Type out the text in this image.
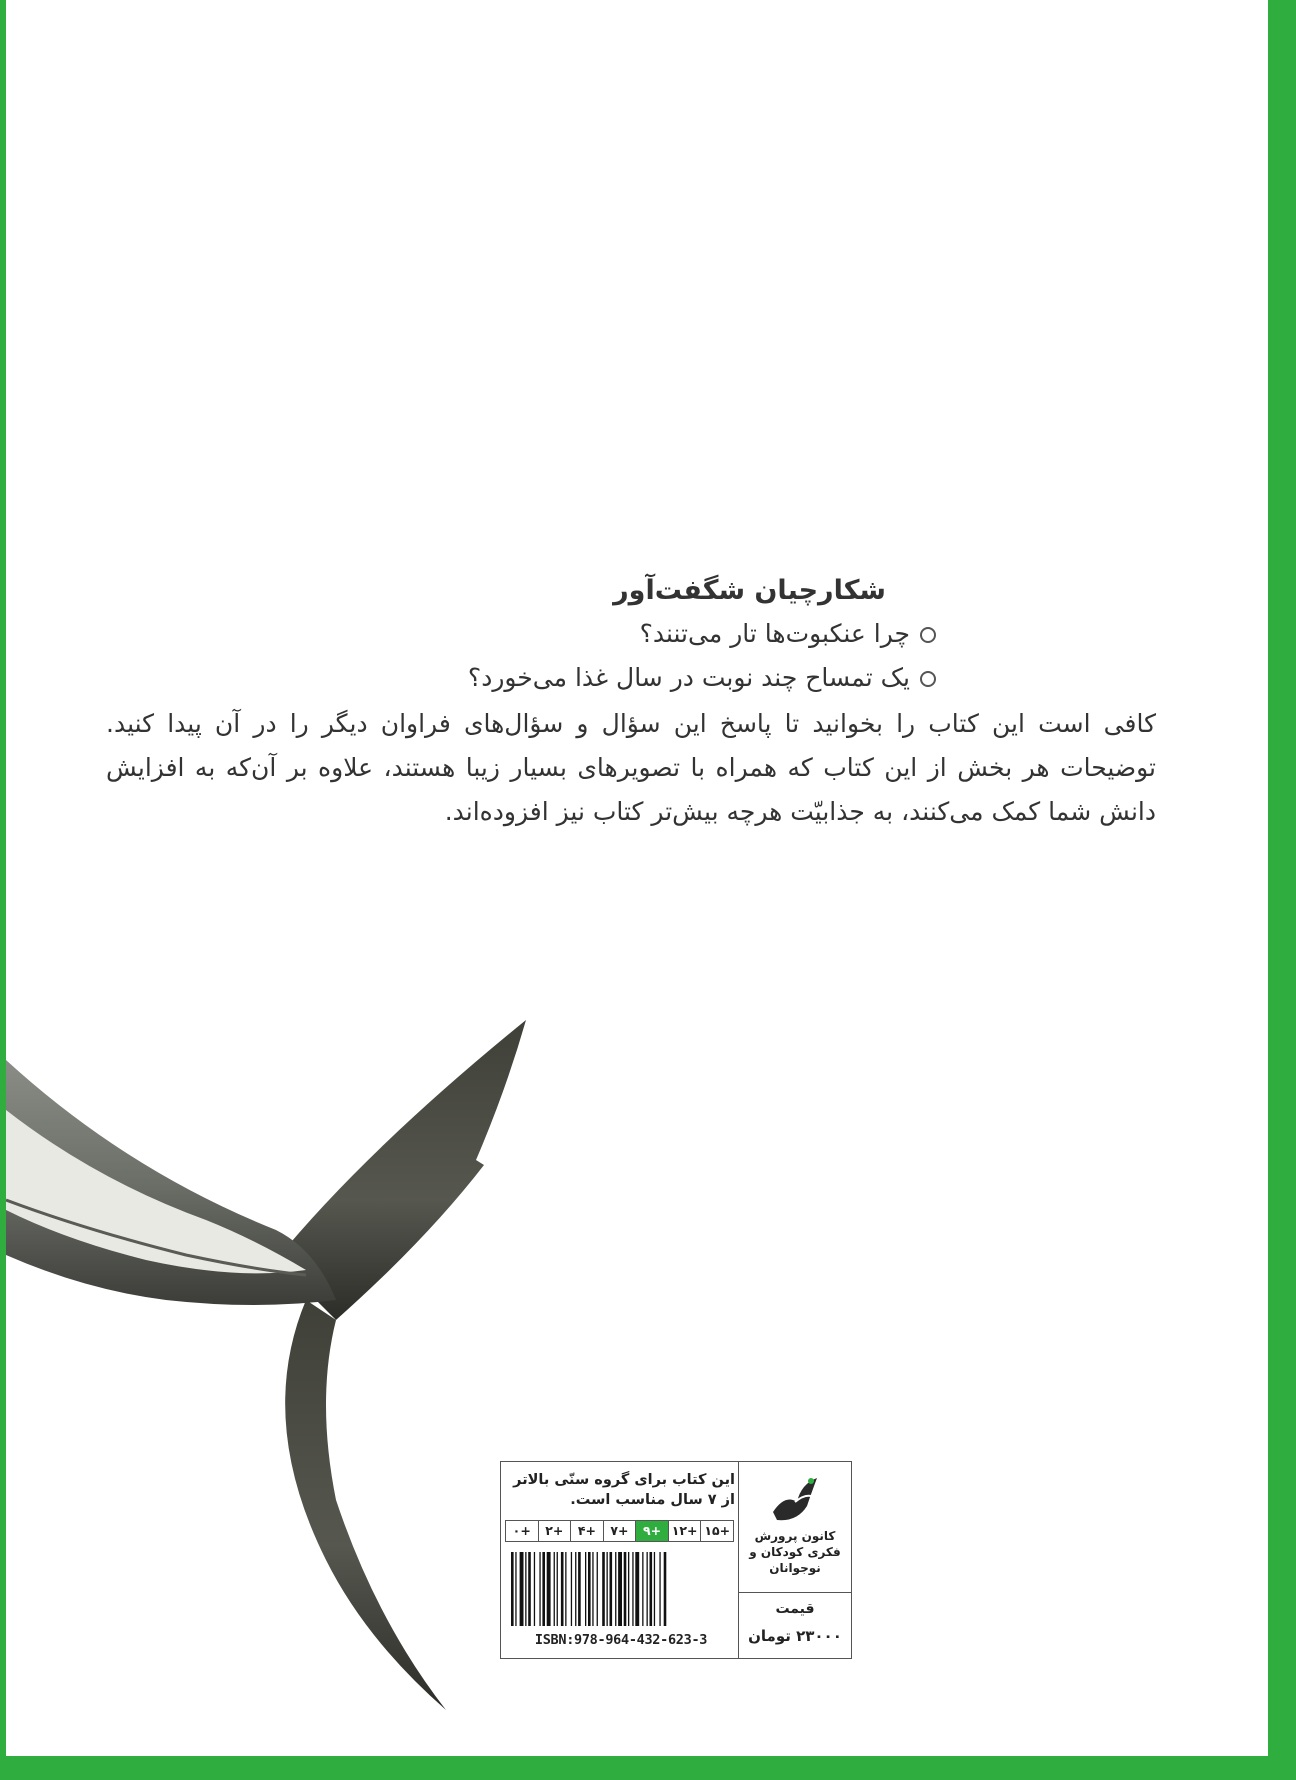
شکارچیان شگفت‌آور
چرا عنکبوت‌ها تار می‌تنند؟
یک تمساح چند نوبت در سال غذا می‌خورد؟
کافی است این کتاب را بخوانید تا پاسخ این سؤال و سؤال‌های فراوان دیگر را در آن پیدا کنید. توضیحات هر بخش از این کتاب که همراه با تصویرهای بسیار زیبا هستند، علاوه بر آن‌که به افزایش دانش شما کمک می‌کنند، به جذابیّت هرچه بیش‌تر کتاب نیز افزوده‌اند.
کانون پرورش فکری کودکان و نوجوانان
قیمت
۲۳۰۰۰ تومان
این کتاب برای گروه سنّی بالاتر از ۷ سال مناسب است.
+۱۵
+۱۲
+۹
+۷
+۴
+۲
+۰
ISBN:978-964-432-623-3
